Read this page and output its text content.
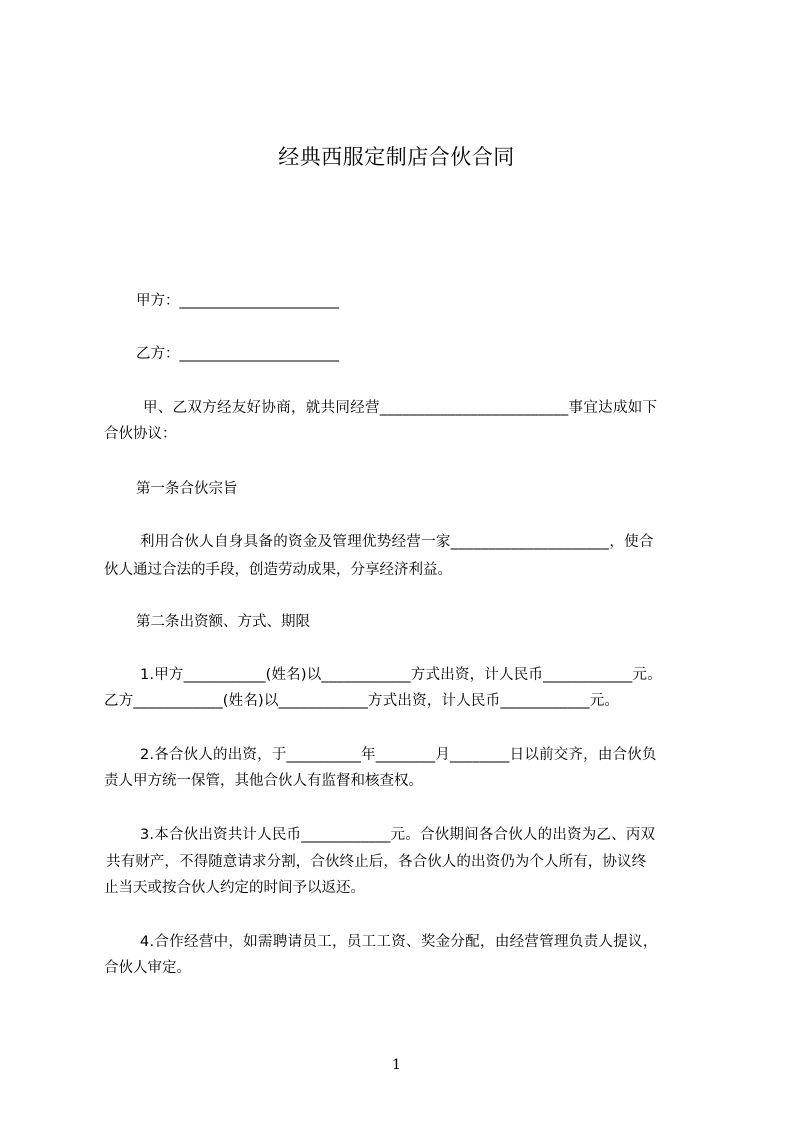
经典西服定制店合伙合同
甲方：______________________
乙方：______________________
甲、乙双方经友好协商，就共同经营_________________________事宜达成如下
合伙协议：
第一条合伙宗旨
利用合伙人自身具备的资金及管理优势经营一家_____________________，使合
伙人通过合法的手段，创造劳动成果，分享经济利益。
第二条出资额、方式、期限
1.甲方___________(姓名)以____________方式出资，计人民币____________元。
乙方____________(姓名)以____________方式出资，计人民币____________元。
2.各合伙人的出资，于__________年________月________日以前交齐，由合伙负
责人甲方统一保管，其他合伙人有监督和核查权。
3.本合伙出资共计人民币____________元。合伙期间各合伙人的出资为乙、丙双
共有财产，不得随意请求分割，合伙终止后，各合伙人的出资仍为个人所有，协议终
止当天或按合伙人约定的时间予以返还。
4.合作经营中，如需聘请员工，员工工资、奖金分配，由经营管理负责人提议，
合伙人审定。
1
